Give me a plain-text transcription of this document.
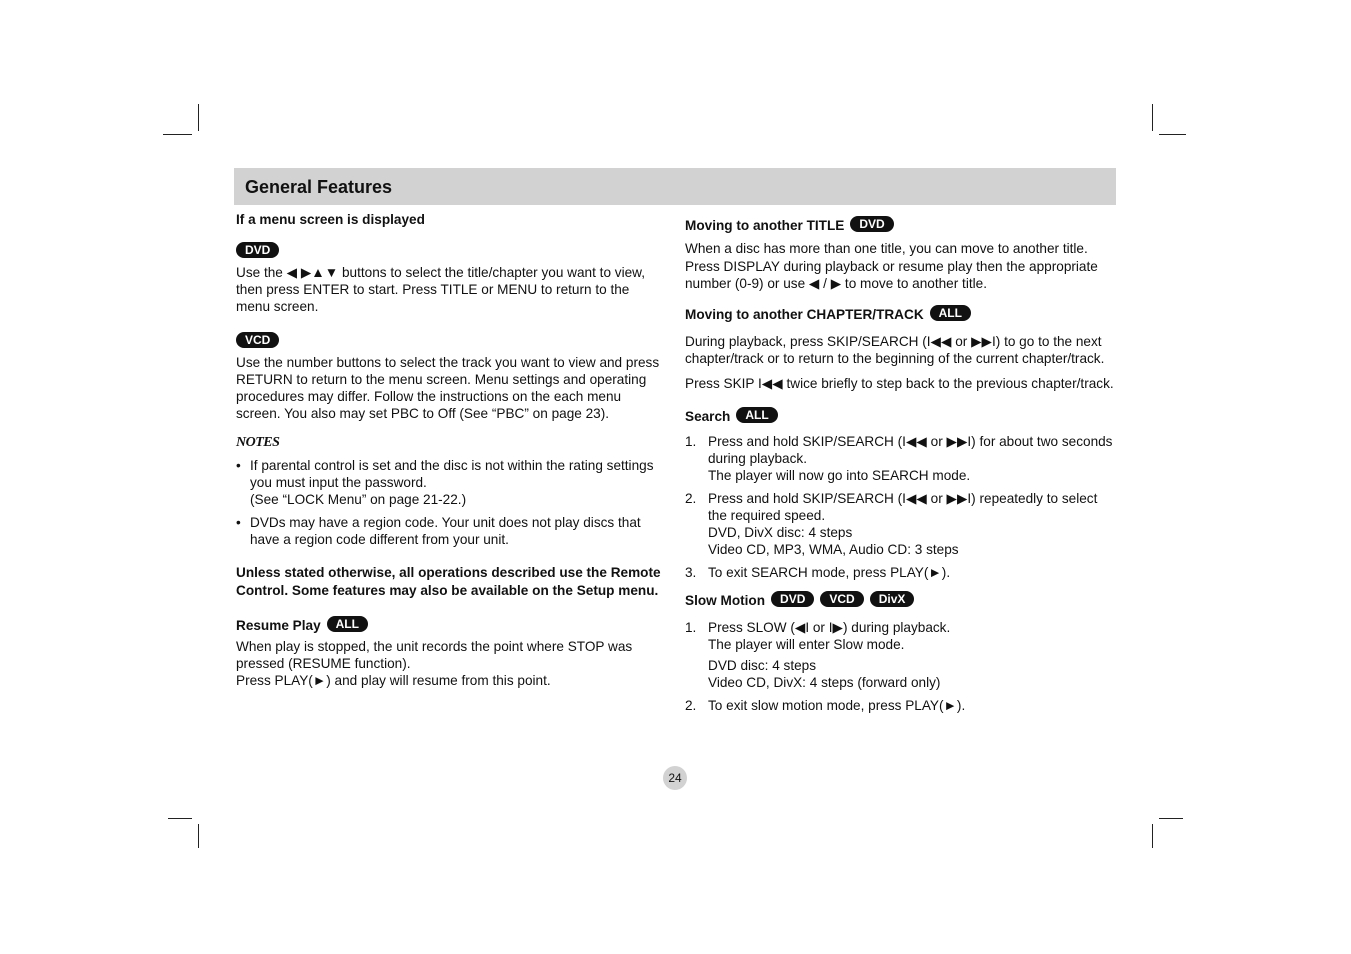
General Features

If a menu screen is displayed

DVD

Use the ◀ ▶▲▼ buttons to select the title/chapter you want to view, then press ENTER to start. Press TITLE or MENU to return to the menu screen.

VCD

Use the number buttons to select the track you want to view and press RETURN to return to the menu screen. Menu settings and operating procedures may differ. Follow the instructions on the each menu screen. You also may set PBC to Off (See “PBC” on page 23).

NOTES

• If parental control is set and the disc is not within the rating settings you must input the password.
(See “LOCK Menu” on page 21-22.)
• DVDs may have a region code. Your unit does not play discs that have a region code different from your unit.

Unless stated otherwise, all operations described use the Remote Control. Some features may also be available on the Setup menu.

Resume Play ALL

When play is stopped, the unit records the point where STOP was pressed (RESUME function).

Press PLAY(►) and play will resume from this point.

Moving to another TITLE DVD

When a disc has more than one title, you can move to another title. Press DISPLAY during playback or resume play then the appropriate number (0-9) or use ◀ / ▶ to move to another title.

Moving to another CHAPTER/TRACK ALL

During playback, press SKIP/SEARCH (I◀◀ or ▶▶I) to go to the next chapter/track or to return to the beginning of the current chapter/track.

Press SKIP I◀◀ twice briefly to step back to the previous chapter/track.

Search ALL

1. Press and hold SKIP/SEARCH (I◀◀ or ▶▶I) for about two seconds during playback.
The player will now go into SEARCH mode.
2. Press and hold SKIP/SEARCH (I◀◀ or ▶▶I) repeatedly to select the required speed.
DVD, DivX disc: 4 steps
Video CD, MP3, WMA, Audio CD: 3 steps
3. To exit SEARCH mode, press PLAY(►).

Slow Motion DVD VCD DivX

1. Press SLOW (◀I or I▶) during playback.
The player will enter Slow mode.
DVD disc: 4 steps
Video CD, DivX: 4 steps (forward only)
2. To exit slow motion mode, press PLAY(►).
24
